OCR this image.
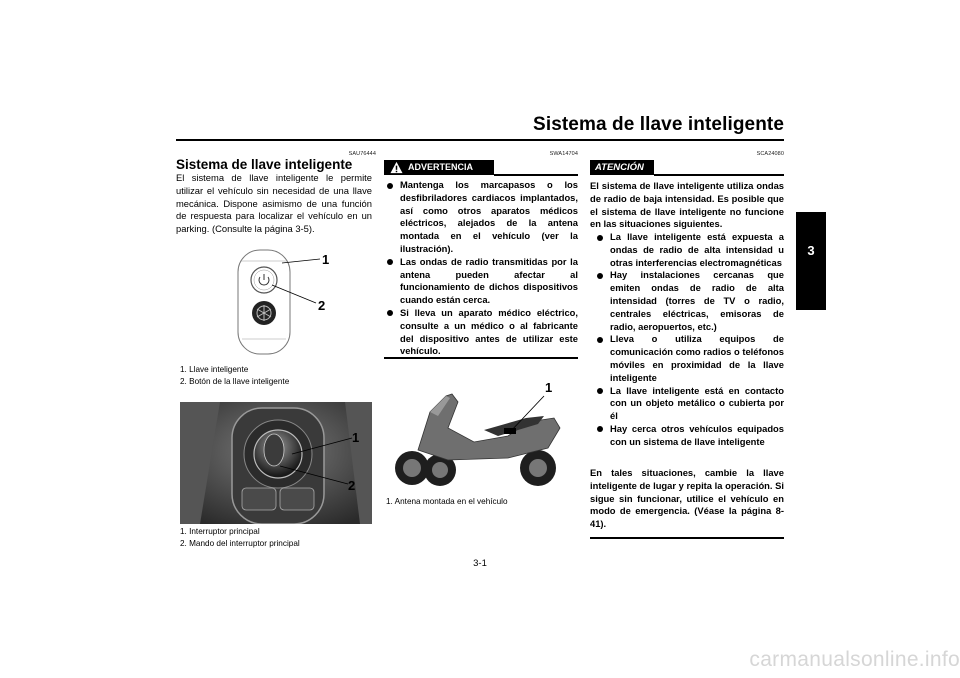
Sistema de llave inteligente
3
SAU76444
Sistema de llave inteligente
El sistema de llave inteligente le permite utilizar el vehículo sin necesidad de una llave mecánica. Dispone asimismo de una función de respuesta para localizar el vehículo en un parking. (Consulte la página 3-5).
1
2
1. Llave inteligente
2. Botón de la llave inteligente
1
2
1. Interruptor principal
2. Mando del interruptor principal
SWA14704
ADVERTENCIA
Mantenga los marcapasos o los desfibriladores cardiacos implantados, así como otros aparatos médicos eléctricos, alejados de la antena montada en el vehículo (ver la ilustración).
Las ondas de radio transmitidas por la antena pueden afectar al funcionamiento de dichos dispositivos cuando están cerca.
Si lleva un aparato médico eléctrico, consulte a un médico o al fabricante del dispositivo antes de utilizar este vehículo.
1
1. Antena montada en el vehículo
SCA24080
ATENCIÓN
El sistema de llave inteligente utiliza ondas de radio de baja intensidad. Es posible que el sistema de llave inteligente no funcione en las situaciones siguientes.
La llave inteligente está expuesta a ondas de radio de alta intensidad u otras interferencias electromagnéticas
Hay instalaciones cercanas que emiten ondas de radio de alta intensidad (torres de TV o radio, centrales eléctricas, emisoras de radio, aeropuertos, etc.)
Lleva o utiliza equipos de comunicación como radios o teléfonos móviles en proximidad de la llave inteligente
La llave inteligente está en contacto con un objeto metálico o cubierta por él
Hay cerca otros vehículos equipados con un sistema de llave inteligente
En tales situaciones, cambie la llave inteligente de lugar y repita la operación. Si sigue sin funcionar, utilice el vehículo en modo de emergencia. (Véase la página 8-41).
3-1
carmanualsonline.info
